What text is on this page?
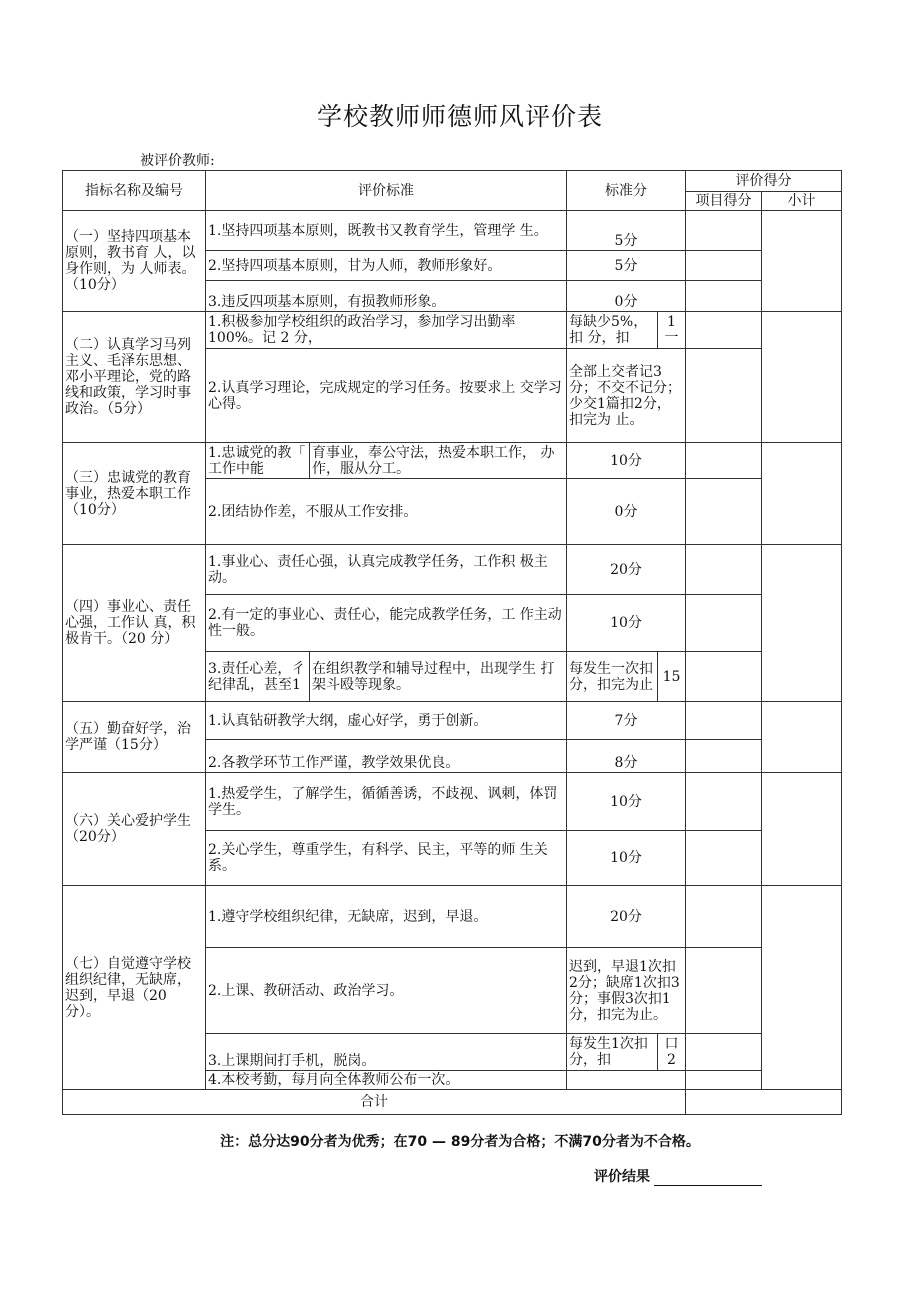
学校教师师德师风评价表
被评价教师:
指标名称及编号	评价标准		标准分		评价得分	
					项目得分	小计
（一）坚持四项基本原则，教书育 人，以身作则，为 人师表。（10分）	1.坚持四项基本原则，既教书又教育学生，管理学 生。		5分			
	2.坚持四项基本原则，甘为人师，教师形象好。		5分			
	3.违反四项基本原则，有损教师形象。		0分			
（二）认真学习马列主义、毛泽东思想、邓小平理论，党的路线和政策，学习时事政治。（5分）	1.积极参加学校组织的政治学习，参加学习出勤率 100%。记 2 分，		每缺少5%，扣 分，扣	1 一		
	2.认真学习理论，完成规定的学习任务。按要求上 交学习心得。		全部上交者记3分；不交不记分；少交1篇扣2分，扣完为 止。			
（三）忠诚党的教育事业，热爱本职工作（10分）	1.忠诚党的教「 工作中能	育事业，奉公守法，热爱本职工作， 办作，服从分工。	10分			
	2.团结协作差，不服从工作安排。		0分			
（四）事业心、责任心强，工作认 真，积极肯干。（20 分）	1.事业心、责任心强，认真完成教学任务，工作积 极主动。		20分			
	2.有一定的事业心、责任心，能完成教学任务，工 作主动性一般。		10分			
	3.责任心差，彳 纪律乱，甚至1	在组织教学和辅导过程中，出现学生 打架斗殴等现象。	每发生一次扣 分，扣完为止	15		
（五）勤奋好学，治学严谨（15分）	1.认真钻研教学大纲，虚心好学，勇于创新。		7分			
	2.各教学环节工作严谨，教学效果优良。		8分			
（六）关心爱护学生（20分）	1.热爱学生，了解学生，循循善诱，不歧视、讽刺，体罚学生。		10分			
	2.关心学生，尊重学生，有科学、民主，平等的师 生关系。		10分			
（七）自觉遵守学校组织纪律，无缺席，迟到，早退（20 分）。	1.遵守学校组织纪律，无缺席，迟到，早退。		20分			
	2.上课、教研活动、政治学习。		迟到，早退1次扣2分；缺席1次扣3分；事假3次扣1分，扣完为止。			
	3.上课期间打手机，脱岗。		每发生1次扣 分，扣	口 2		
	4.本校考勤，每月向全体教师公布一次。					
合计						
注：总分达90分者为优秀；在70 — 89分者为合格；不满70分者为不合格。
评价结果
